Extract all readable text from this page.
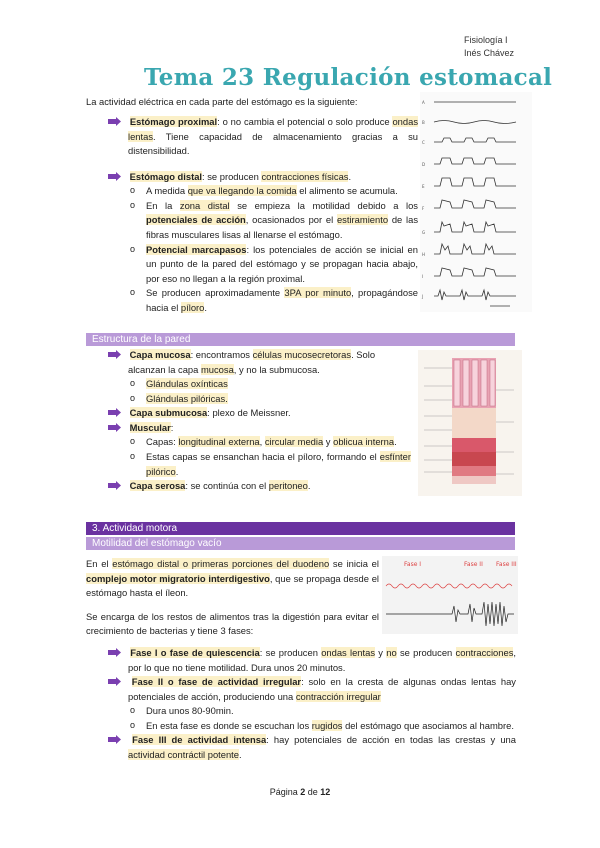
Fisiología I
Inés Chávez
Tema 23 Regulación estomacal
La actividad eléctrica en cada parte del estómago es la siguiente:	A
B
C
D
E
F
G
H
I
J
Estómago proximal: o no cambia el potencial o solo produce ondas lentas. Tiene capacidad de almacenamiento gracias a su distensibilidad.
Estómago distal: se producen contracciones físicas.
o A medida que va llegando la comida el alimento se acumula.
o En la zona distal se empieza la motilidad debido a los potenciales de acción, ocasionados por el estiramiento de las fibras musculares lisas al llenarse el estómago.
o Potencial marcapasos: los potenciales de acción se inicial en un punto de la pared del estómago y se propagan hacia abajo, por eso no llegan a la región proximal.
o Se producen aproximadamente 3PA por minuto, propagándose hacia el píloro.
Estructura de la pared
Capa mucosa: encontramos células mucosecretoras. Solo alcanzan la capa mucosa, y no la submucosa.
o Glándulas oxínticas
o Glándulas pilóricas.
Capa submucosa: plexo de Meissner.
Muscular:
o Capas: longitudinal externa, circular media y oblicua interna.
o Estas capas se ensanchan hacia el píloro, formando el esfínter pilórico.
Capa serosa: se continúa con el peritoneo.
3. Actividad motora
Motilidad del estómago vacío
Fase I	Fase II Fase III
En el estómago distal o primeras porciones del duodeno se inicia el complejo motor migratorio interdigestivo, que se propaga desde el estómago hasta el íleon.
Se encarga de los restos de alimentos tras la digestión para evitar el crecimiento de bacterias y tiene 3 fases:
Fase I o fase de quiescencia: se producen ondas lentas y no se producen contracciones, por lo que no tiene motilidad. Dura unos 20 minutos.
Fase II o fase de actividad irregular: solo en la cresta de algunas ondas lentas hay potenciales de acción, produciendo una contracción irregular
o Dura unos 80-90min.
o En esta fase es donde se escuchan los rugidos del estómago que asociamos al hambre.
Fase III de actividad intensa: hay potenciales de acción en todas las crestas y una actividad contráctil potente.
Página 2 de 12
